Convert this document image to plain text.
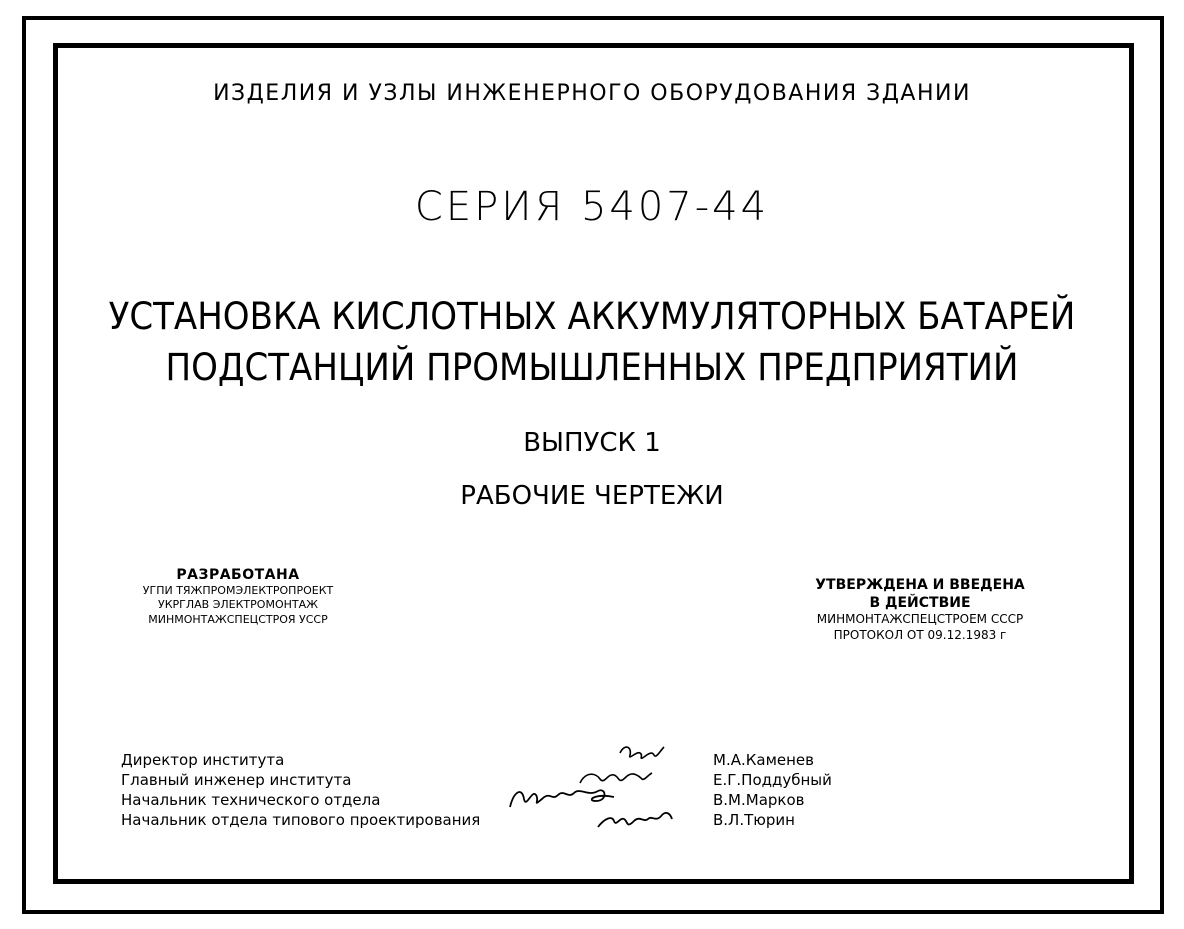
ИЗДЕЛИЯ И УЗЛЫ ИНЖЕНЕРНОГО ОБОРУДОВАНИЯ ЗДАНИИ
СЕРИЯ 5407-44
УСТАНОВКА КИСЛОТНЫХ АККУМУЛЯТОРНЫХ БАТАРЕЙ
ПОДСТАНЦИЙ ПРОМЫШЛЕННЫХ ПРЕДПРИЯТИЙ
ВЫПУСК 1
РАБОЧИЕ ЧЕРТЕЖИ
РАЗРАБОТАНА
УГПИ ТЯЖПРОМЭЛЕКТРОПРОЕКТ
УКРГЛАВ ЭЛЕКТРОМОНТАЖ
МИНМОНТАЖСПЕЦСТРОЯ УССР
УТВЕРЖДЕНА И ВВЕДЕНА
В ДЕЙСТВИЕ
МИНМОНТАЖСПЕЦСТРОЕМ СССР
ПРОТОКОЛ ОТ 09.12.1983 г
Директор института
Главный инженер института
Начальник технического отдела
Начальник отдела типового проектирования
М.А.Каменев
Е.Г.Поддубный
В.М.Марков
В.Л.Тюрин
